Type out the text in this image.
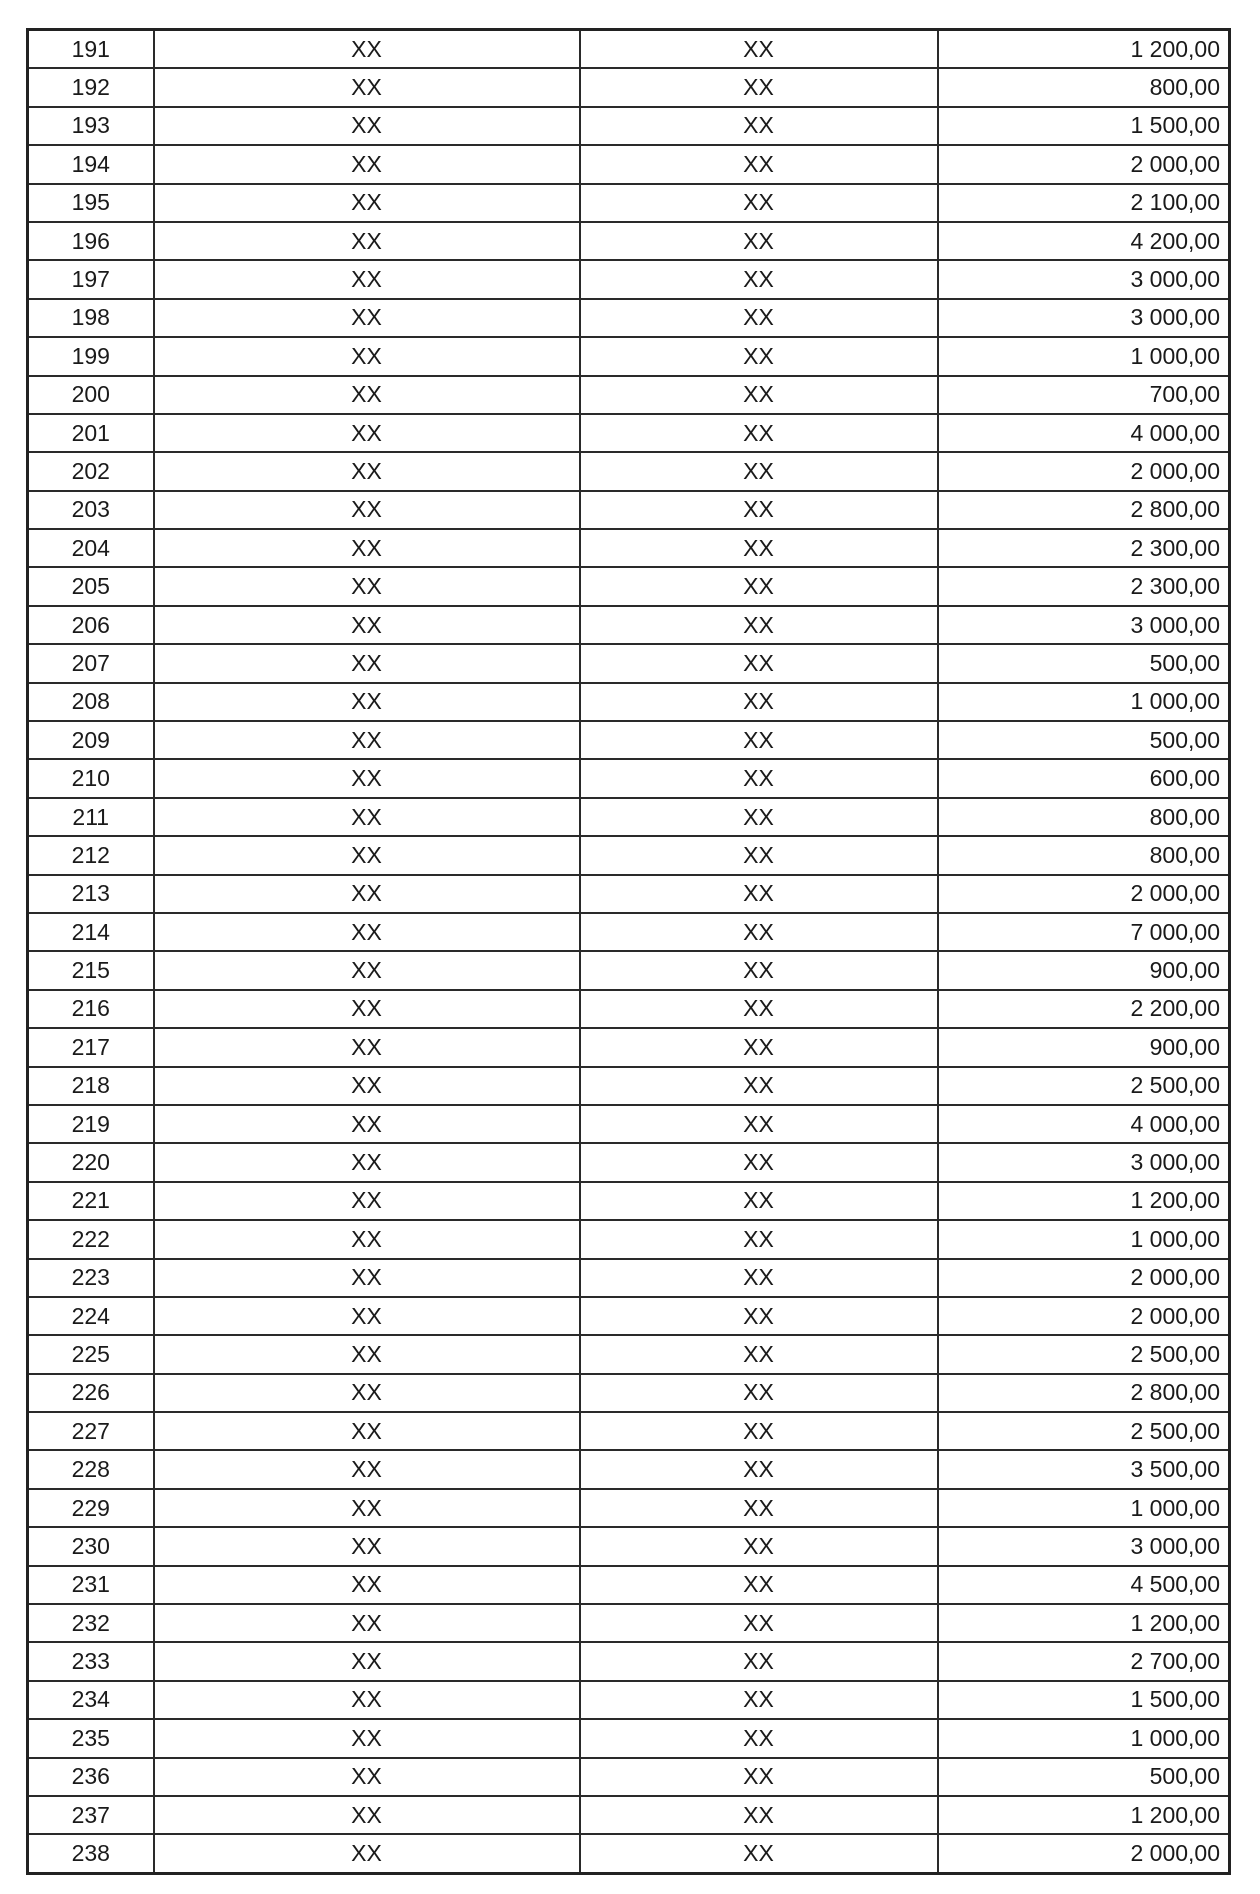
191	XX	XX	1 200,00
192	XX	XX	800,00
193	XX	XX	1 500,00
194	XX	XX	2 000,00
195	XX	XX	2 100,00
196	XX	XX	4 200,00
197	XX	XX	3 000,00
198	XX	XX	3 000,00
199	XX	XX	1 000,00
200	XX	XX	700,00
201	XX	XX	4 000,00
202	XX	XX	2 000,00
203	XX	XX	2 800,00
204	XX	XX	2 300,00
205	XX	XX	2 300,00
206	XX	XX	3 000,00
207	XX	XX	500,00
208	XX	XX	1 000,00
209	XX	XX	500,00
210	XX	XX	600,00
211	XX	XX	800,00
212	XX	XX	800,00
213	XX	XX	2 000,00
214	XX	XX	7 000,00
215	XX	XX	900,00
216	XX	XX	2 200,00
217	XX	XX	900,00
218	XX	XX	2 500,00
219	XX	XX	4 000,00
220	XX	XX	3 000,00
221	XX	XX	1 200,00
222	XX	XX	1 000,00
223	XX	XX	2 000,00
224	XX	XX	2 000,00
225	XX	XX	2 500,00
226	XX	XX	2 800,00
227	XX	XX	2 500,00
228	XX	XX	3 500,00
229	XX	XX	1 000,00
230	XX	XX	3 000,00
231	XX	XX	4 500,00
232	XX	XX	1 200,00
233	XX	XX	2 700,00
234	XX	XX	1 500,00
235	XX	XX	1 000,00
236	XX	XX	500,00
237	XX	XX	1 200,00
238	XX	XX	2 000,00
